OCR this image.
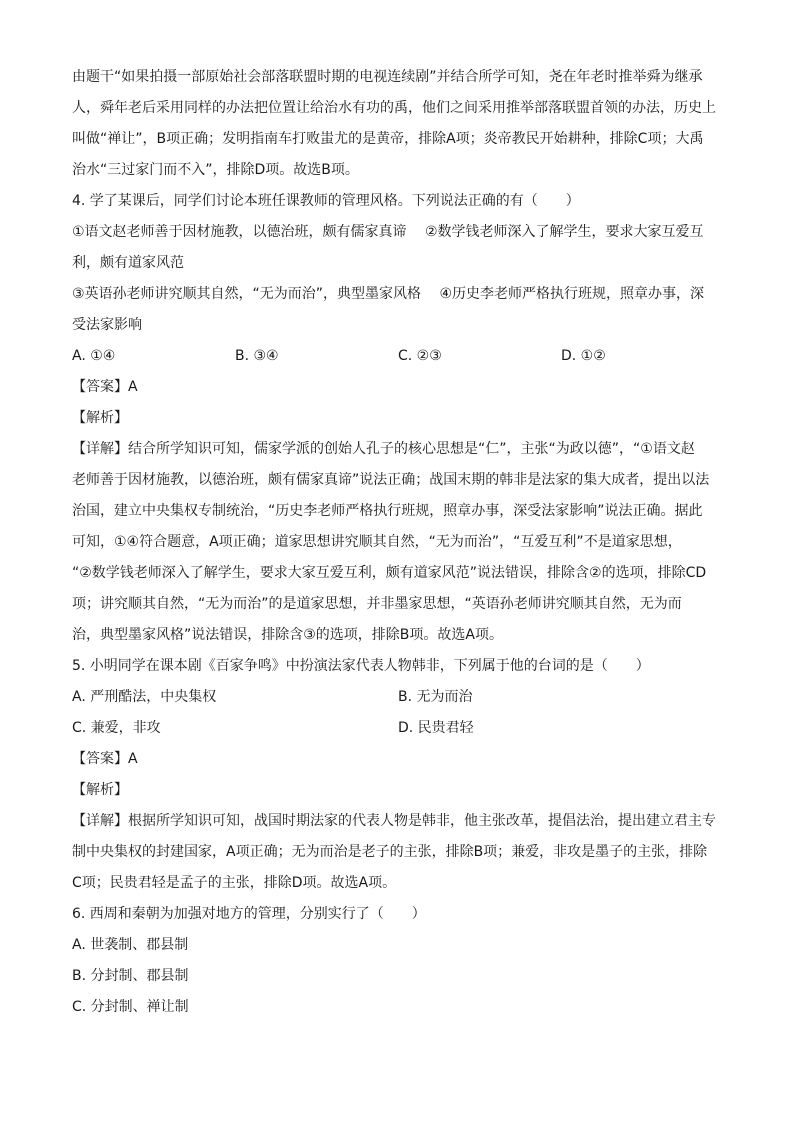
由题干“如果拍摄一部原始社会部落联盟时期的电视连续剧”并结合所学可知，尧在年老时推举舜为继承

人，舜年老后采用同样的办法把位置让给治水有功的禹，他们之间采用推举部落联盟首领的办法，历史上

叫做“禅让”，B项正确；发明指南车打败蚩尤的是黄帝，排除A项；炎帝教民开始耕种，排除C项；大禹

治水“三过家门而不入”，排除D项。故选B项。

4. 学了某课后，同学们讨论本班任课教师的管理风格。下列说法正确的有（　　）

①语文赵老师善于因材施教，以德治班，颇有儒家真谛　 ②数学钱老师深入了解学生，要求大家互爱互

利，颇有道家风范

③英语孙老师讲究顺其自然，“无为而治”，典型墨家风格　 ④历史李老师严格执行班规，照章办事，深

受法家影响

A. ①④	B. ③④	C. ②③	D. ①②

【答案】A

【解析】

【详解】结合所学知识可知，儒家学派的创始人孔子的核心思想是“仁”，主张“为政以德”，“①语文赵

老师善于因材施教，以德治班，颇有儒家真谛”说法正确；战国末期的韩非是法家的集大成者，提出以法

治国，建立中央集权专制统治，“历史李老师严格执行班规，照章办事，深受法家影响”说法正确。据此

可知，①④符合题意，A项正确；道家思想讲究顺其自然，“无为而治”，“互爱互利”不是道家思想，

“②数学钱老师深入了解学生，要求大家互爱互利，颇有道家风范”说法错误，排除含②的选项，排除CD

项；讲究顺其自然，“无为而治”的是道家思想，并非墨家思想，“英语孙老师讲究顺其自然，无为而

治，典型墨家风格”说法错误，排除含③的选项，排除B项。故选A项。

5. 小明同学在课本剧《百家争鸣》中扮演法家代表人物韩非，下列属于他的台词的是（　　）

A. 严刑酷法，中央集权	B. 无为而治
C. 兼爱，非攻	D. 民贵君轻

【答案】A

【解析】

【详解】根据所学知识可知，战国时期法家的代表人物是韩非，他主张改革，提倡法治，提出建立君主专

制中央集权的封建国家，A项正确；无为而治是老子的主张，排除B项；兼爱，非攻是墨子的主张，排除

C项；民贵君轻是孟子的主张，排除D项。故选A项。

6. 西周和秦朝为加强对地方的管理，分别实行了（　　）

A. 世袭制、郡县制

B. 分封制、郡县制

C. 分封制、禅让制
